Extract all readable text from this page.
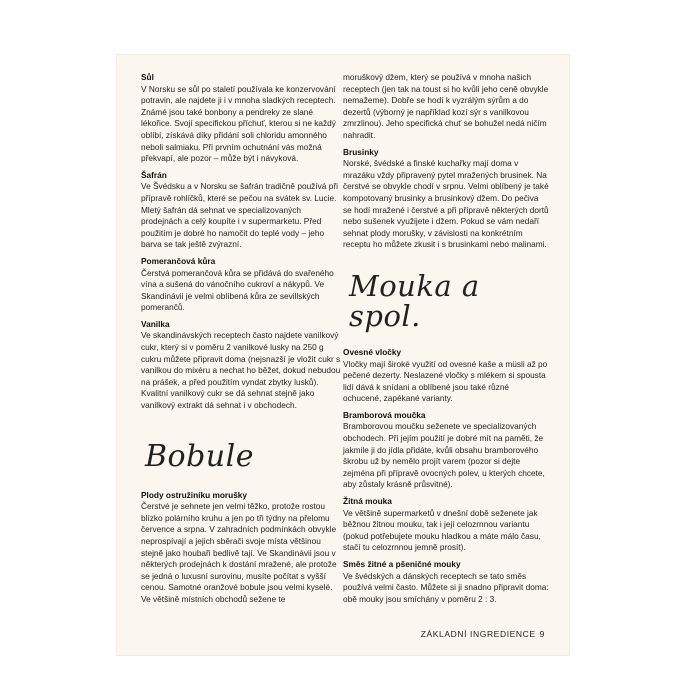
Sůl

V Norsku se sůl po staletí používala ke konzervování potravin, ale najdete ji i v mnoha sladkých receptech. Známé jsou také bonbony a pendreky ze slané lékořice. Svojí specifickou příchuť, kterou si ne každý oblíbí, získává díky přidání soli chloridu amonného neboli salmiaku. Při prvním ochutnání vás možná překvapí, ale pozor – může být i návyková.

Šafrán

Ve Švédsku a v Norsku se šafrán tradičně používá při přípravě rohlíčků, které se pečou na svátek sv. Lucie. Mletý šafrán dá sehnat ve specializovaných prodejnách a celý koupíte i v supermarketu. Před použitím je dobré ho namočit do teplé vody – jeho barva se tak ještě zvýrazní.

Pomerančová kůra

Čerstvá pomerančová kůra se přidává do svařeného vína a sušená do vánočního cukroví a nákypů. Ve Skandinávii je velmi oblíbená kůra ze sevillských pomerančů.

Vanilka

Ve skandinávských receptech často najdete vanilkový cukr, který si v poměru 2 vanilkové lusky na 250 g cukru můžete připravit doma (nejsnazší je vložit cukr s vanilkou do mixéru a nechat ho běžet, dokud nebudou na prášek, a před použitím vyndat zbytky lusků). Kvalitní vanilkový cukr se dá sehnat stejně jako vanilkový extrakt dá sehnat i v obchodech.

Bobule
Plody ostružiníku morušky

Čerstvé je sehnete jen velmi těžko, protože rostou blízko polárního kruhu a jen po tři týdny na přelomu července a srpna. V zahradních podmínkách obvykle neprospívají a jejich sběrači svoje místa většinou stejně jako houbaři bedlivě tají. Ve Skandinávii jsou v některých prodejnách k dostání mražené, ale protože se jedná o luxusní surovinu, musíte počítat s vyšší cenou. Samotné oranžové bobule jsou velmi kyselé. Ve většině místních obchodů sežene te

moruškový džem, který se používá v mnoha našich receptech (jen tak na toust si ho kvůli jeho ceně obvykle nemažeme). Dobře se hodí k vyzrálým sýrům a do dezertů (výborný je například kozí sýr s vanilkovou zmrzlinou). Jeho specifická chuť se bohužel nedá ničím nahradit.

Brusinky

Norské, švédské a finské kuchařky mají doma v mrazáku vždy připravený pytel mražených brusinek. Na čerstvé se obvykle chodí v srpnu. Velmi oblíbený je také kompotovaný brusinky a brusinkový džem. Do pečiva se hodí mražené i čerstvé a při přípravě některých dortů nebo sušenek využijete i džem. Pokud se vám nedaří sehnat plody morušky, v závislosti na konkrétním receptu ho můžete zkusit i s brusinkami nebo malinami.

Mouka a spol.
Ovesné vločky

Vločky mají široké využití od ovesné kaše a müsli až po pečené dezerty. Neslazené vločky s mlékem si spousta lidí dává k snídani a oblíbené jsou také různé ochucené, zapékané varianty.

Bramborová moučka

Bramborovou moučku seženete ve specializovaných obchodech. Při jejím použití je dobré mít na paměti, že jakmile ji do jídla přidáte, kvůli obsahu bramborového škrobu už by nemělo projít varem (pozor si dejte zejména při přípravě ovocných polev, u kterých chcete, aby zůstaly krásně průsvitné).

Žitná mouka

Ve většině supermarketů v dnešní době seženete jak běžnou žitnou mouku, tak i její celozrnnou variantu (pokud potřebujete mouku hladkou a máte málo času, stačí tu celozrnnou jemně prosít).

Směs žitné a pšeničné mouky

Ve švédských a dánských receptech se tato směs používá velmi často. Můžete si ji snadno připravit doma: obě mouky jsou smíchány v poměru 2 : 3.

ZÁKLADNÍ INGREDIENCE 9
